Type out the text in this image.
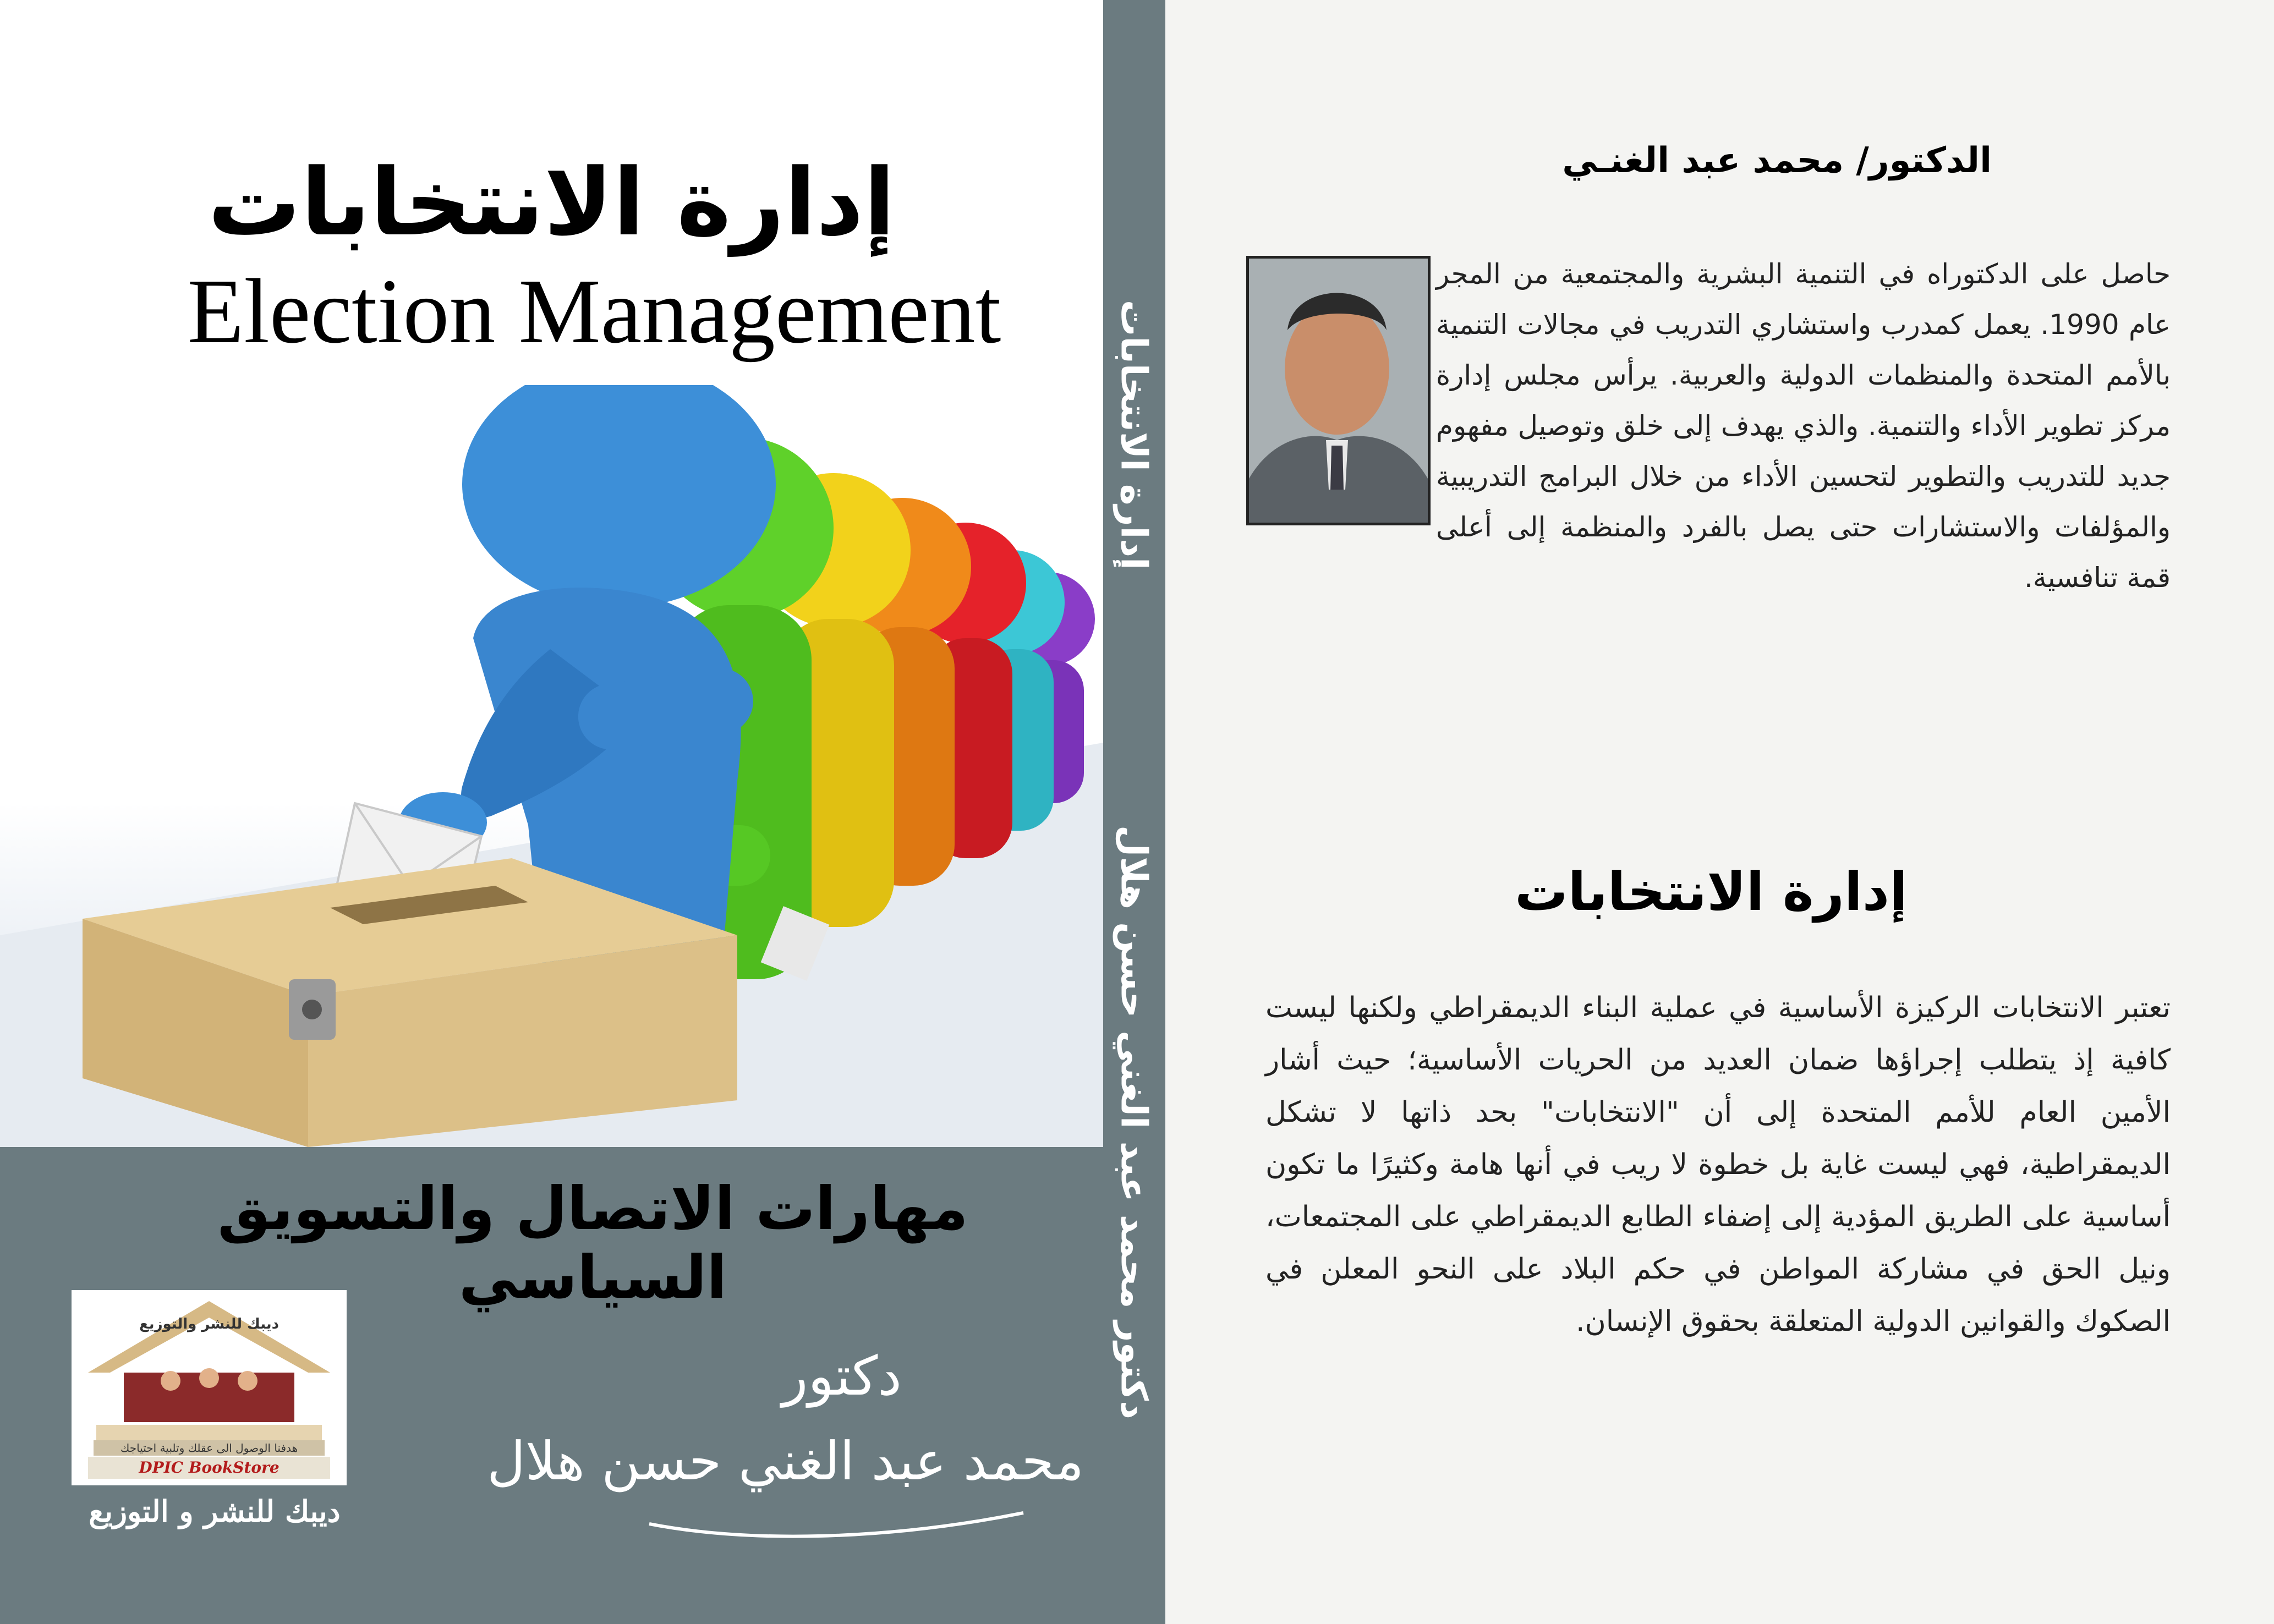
إدارة الانتخابات
Election Management
مهارات الاتصال والتسويق السياسي
ديبك للنشر والتوزيع
هدفنا الوصول الى عقلك وتلبية احتياجك
DPIC BookStore
ديبك للنشر و التوزيع
دكتور
محمد عبد الغني حسن هلال
إدارة الانتخابات
دكتور محمد عبد الغني حسن هلال
الدكتور/ محمد عبد الغنـي
حاصل على الدكتوراه في التنمية البشرية والمجتمعية من المجر عام 1990. يعمل كمدرب واستشاري التدريب في مجالات التنمية بالأمم المتحدة والمنظمات الدولية والعربية. يرأس مجلس إدارة مركز تطوير الأداء والتنمية. والذي يهدف إلى خلق وتوصيل مفهوم جديد للتدريب والتطوير لتحسين الأداء من خلال البرامج التدريبية والمؤلفات والاستشارات حتى يصل بالفرد والمنظمة إلى أعلى قمة تنافسية.
إدارة الانتخابات
تعتبر الانتخابات الركيزة الأساسية في عملية البناء الديمقراطي ولكنها ليست كافية إذ يتطلب إجراؤها ضمان العديد من الحريات الأساسية؛ حيث أشار الأمين العام للأمم المتحدة إلى أن "الانتخابات" بحد ذاتها لا تشكل الديمقراطية، فهي ليست غاية بل خطوة لا ريب في أنها هامة وكثيرًا ما تكون أساسية على الطريق المؤدية إلى إضفاء الطابع الديمقراطي على المجتمعات، ونيل الحق في مشاركة المواطن في حكم البلاد على النحو المعلن في الصكوك والقوانين الدولية المتعلقة بحقوق الإنسان.
